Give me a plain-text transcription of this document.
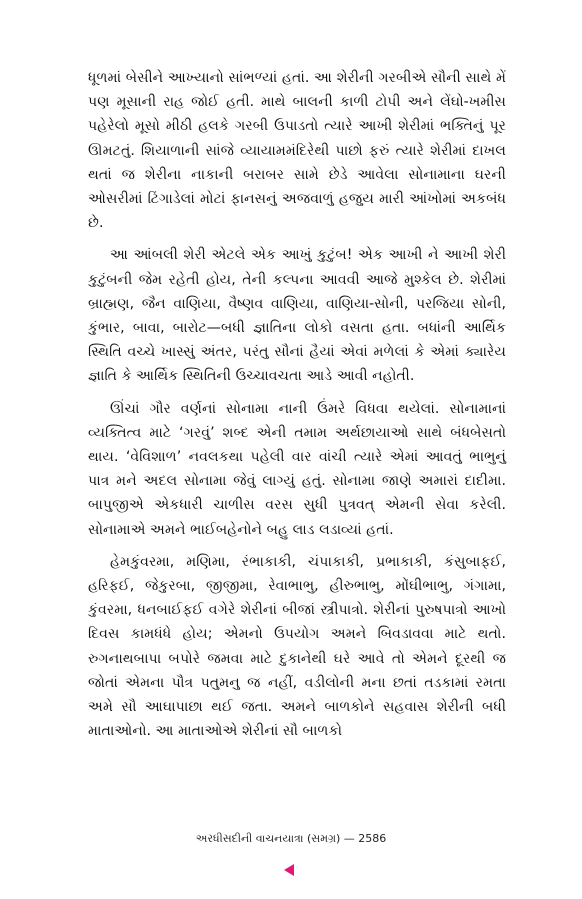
ધૂળમાં બેસીને આખ્યાનો સાંભળ્યાં હતાં. આ શેરીની ગરબીએ સૌની સાથે મેં પણ મૂસાની રાહ જોઈ હતી. માથે બાલની કાળી ટોપી અને લેંઘો-ખમીસ પહેરેલો મૂસો મીઠી હલકે ગરબી ઉપાડતો ત્યારે આખી શેરીમાં ભક્તિનું પૂર ઊમટતું. શિયાળાની સાંજે વ્યાયામમંદિરેથી પાછો ફરું ત્યારે શેરીમાં દાખલ થતાં જ શેરીના નાકાની બરાબર સામે છેડે આવેલા સોનામાના ઘરની ઓસરીમાં ટિંગાડેલાં મોટાં ફાનસનું અજવાળું હજુય મારી આંખોમાં અકબંધ છે.

આ આંબલી શેરી એટલે એક આખું કુટુંબ! એક આખી ને આખી શેરી કુટુંબની જેમ રહેતી હોય, તેની કલ્પના આવવી આજે મુશ્કેલ છે. શેરીમાં બ્રાહ્મણ, જૈન વાણિયા, વૈષ્ણવ વાણિયા, વાણિયા-સોની, પરજિયા સોની, કુંભાર, બાવા, બારોટ—બધી જ્ઞાતિના લોકો વસતા હતા. બધાંની આર્થિક સ્થિતિ વચ્ચે ખાસ્સું અંતર, પરંતુ સૌનાં હૈયાં એવાં મળેલાં કે એમાં ક્યારેય જ્ઞાતિ કે આર્થિક સ્થિતિની ઉચ્ચાવચતા આડે આવી નહોતી.

ઊંચાં ગૌર વર્ણનાં સોનામા નાની ઉંમરે વિધવા થયેલાં. સોનામાનાં વ્યક્તિત્વ માટે ‘ગરવું’ શબ્દ એની તમામ અર્થછાયાઓ સાથે બંધબેસતો થાય. ‘વેવિશાળ’ નવલકથા પહેલી વાર વાંચી ત્યારે એમાં આવતું ભાભુનું પાત્ર મને અદલ સોનામા જેવું લાગ્યું હતું. સોનામા જાણે અમારાં દાદીમા. બાપુજીએ એકધારી ચાળીસ વરસ સુધી પુત્રવત્ એમની સેવા કરેલી. સોનામાએ અમને ભાઈબહેનોને બહુ લાડ લડાવ્યાં હતાં.

હેમકુંવરમા, મણિમા, રંભાકાકી, ચંપાકાકી, પ્રભાકાકી, કંસુબાફઈ, હરિફઈ, જેકુરબા, જીજીમા, રેવાભાભુ, હીરુભાભુ, મોંઘીભાભુ, ગંગામા, કુંવરમા, ધનબાઈફઈ વગેરે શેરીનાં બીજાં સ્ત્રીપાત્રો. શેરીનાં પુરુષપાત્રો આખો દિવસ કામધંધે હોય; એમનો ઉપયોગ અમને બિવડાવવા માટે થતો. રુગનાથબાપા બપોરે જમવા માટે દુકાનેથી ઘરે આવે તો એમને દૂરથી જ જોતાં એમના પૌત્ર પતુમનુ જ નહીં, વડીલોની મના છતાં તડકામાં રમતા અમે સૌ આઘાપાછા થઈ જતા. અમને બાળકોને સહવાસ શેરીની બધી માતાઓનો. આ માતાઓએ શેરીનાં સૌ બાળકો

અરધીસદીની વાચનયાત્રા (સમગ્ર) — 2586
